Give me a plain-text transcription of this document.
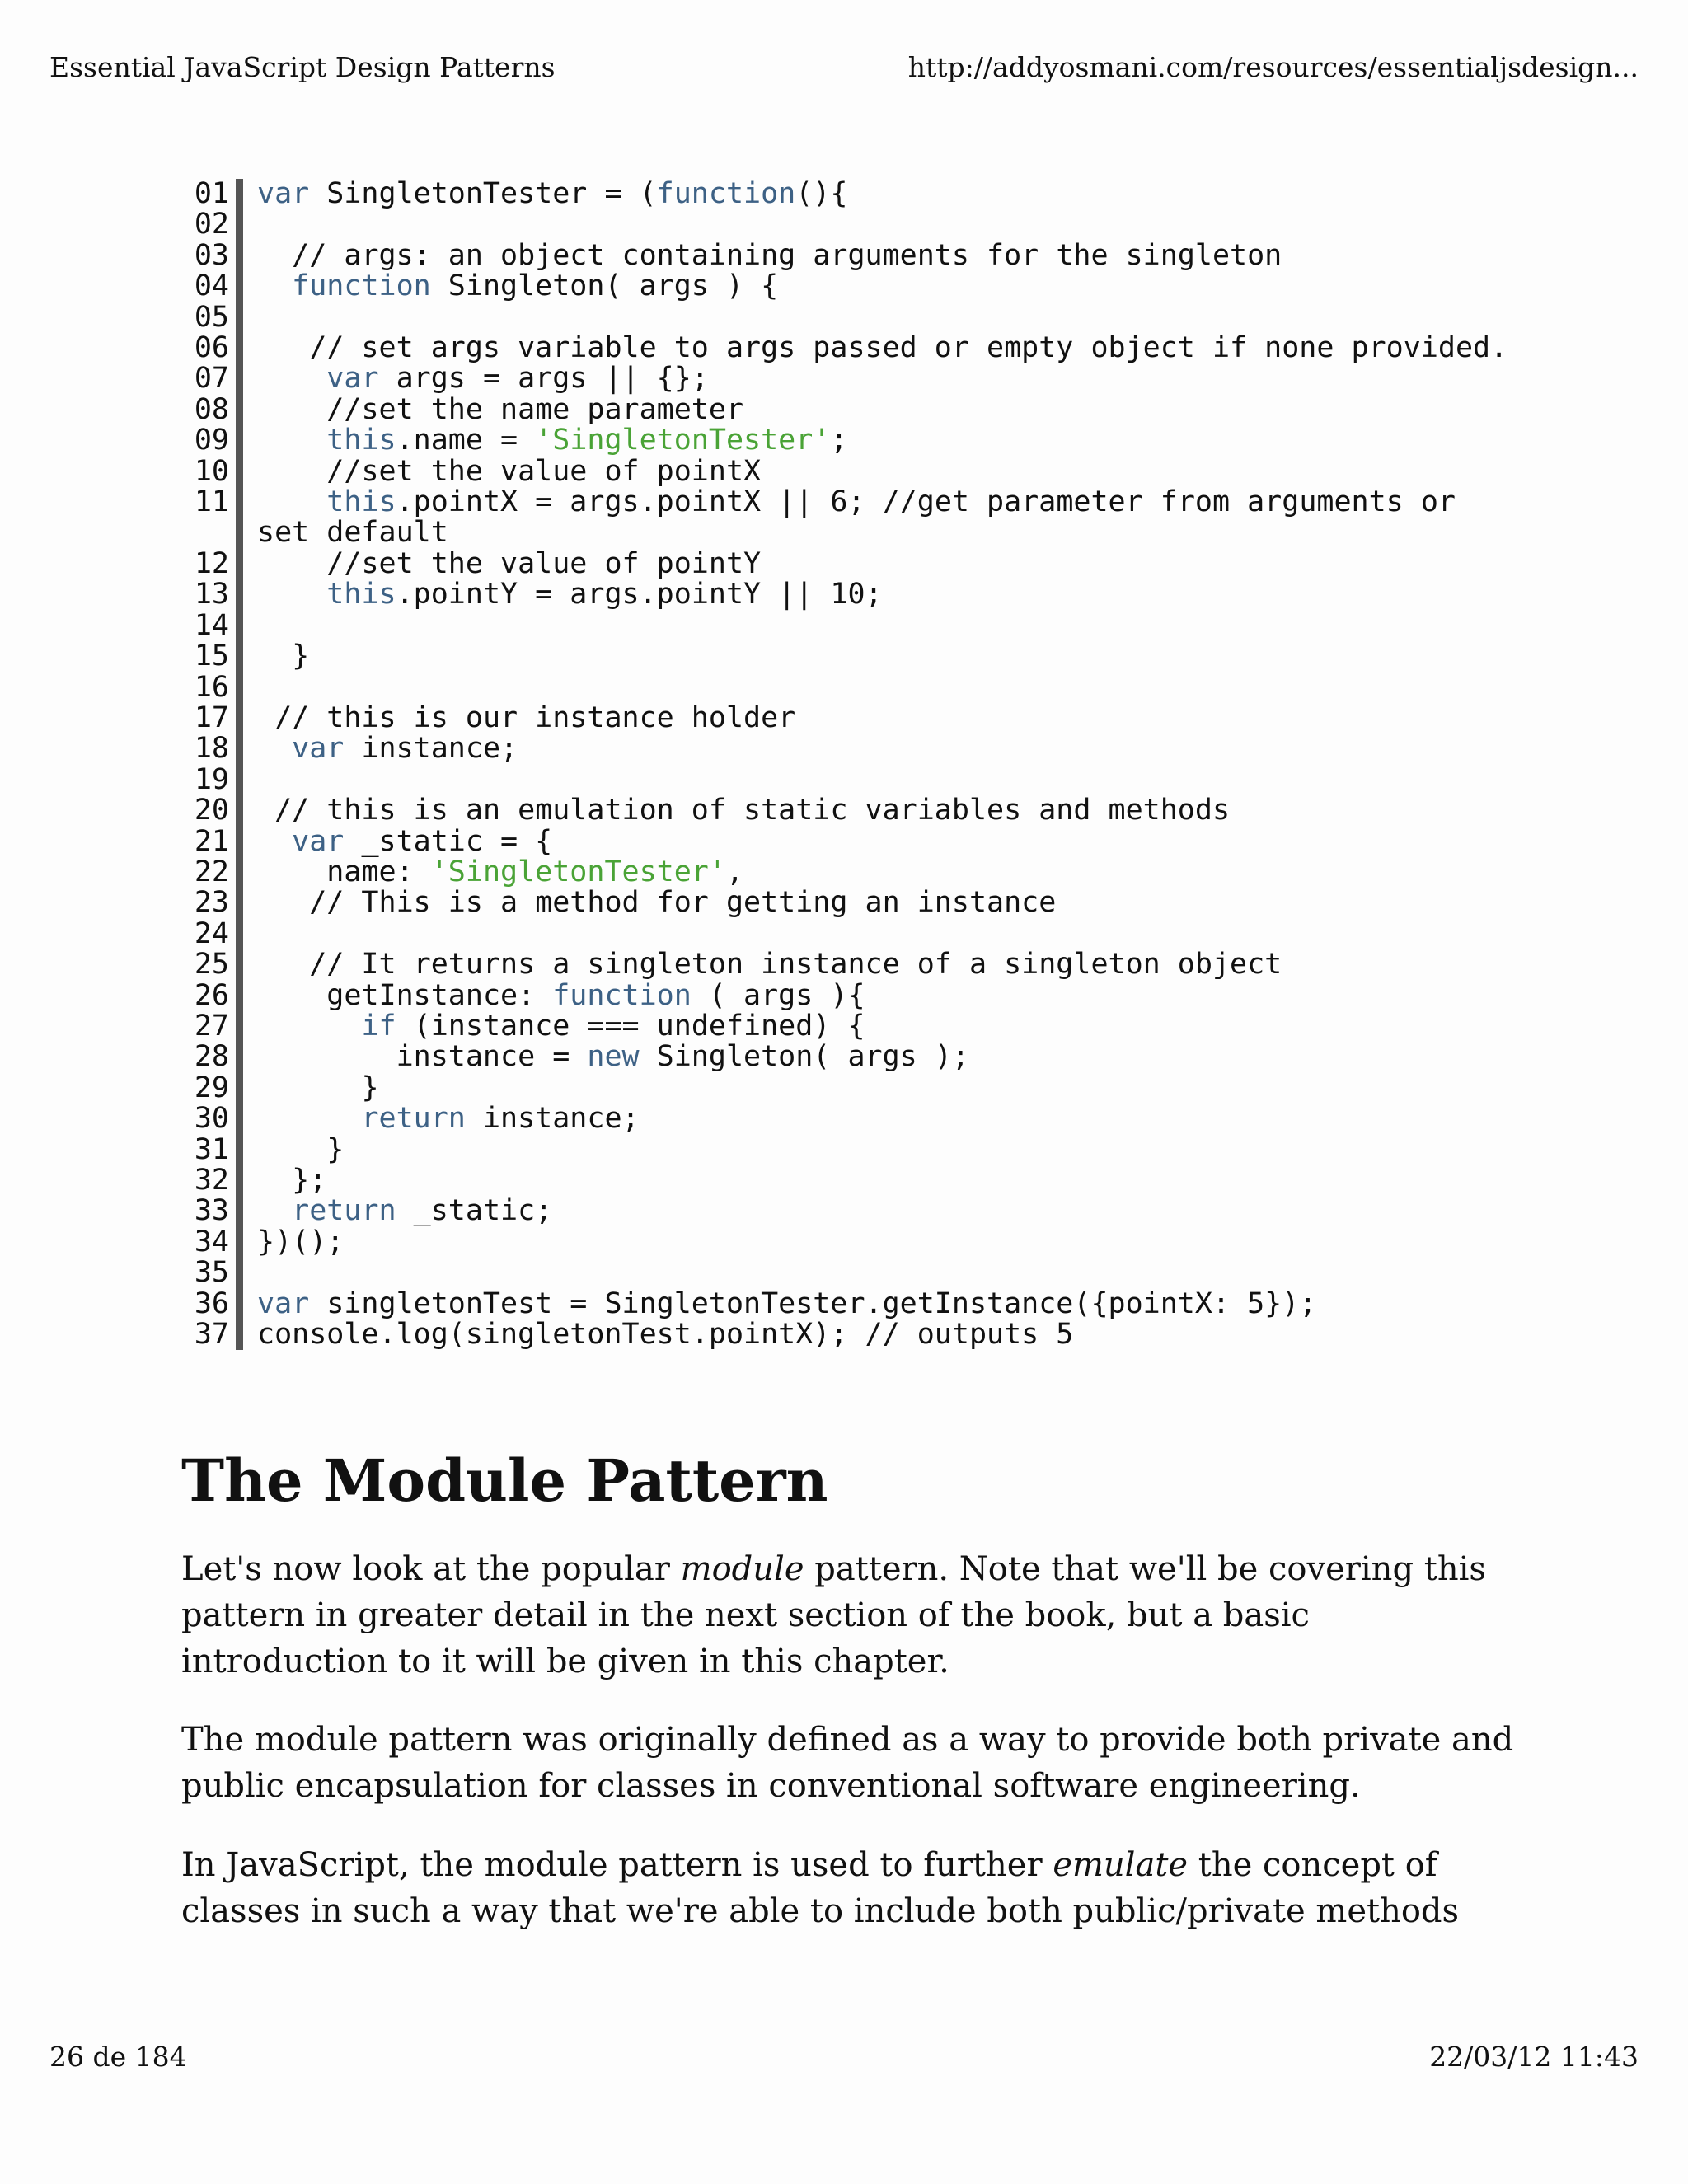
Essential JavaScript Design Patterns	http://addyosmani.com/resources/essentialjsdesign...
01 var SingletonTester = (function(){
02
03 // args: an object containing arguments for the singleton
04	function Singleton( args ) {
05
06 // set args variable to args passed or empty object if none provided.
07	var args = args || {};
08 //set the name parameter
09	this.name = 'SingletonTester';
10 //set the value of pointX
11	this.pointX = args.pointX || 6; //get parameter from arguments or set default
12 //set the value of pointY
13	this.pointY = args.pointY || 10;
14
15 }
16
17 // this is our instance holder
18	var instance;
19
20 // this is an emulation of static variables and methods
21	var _static = {
22 name: 'SingletonTester',
23 // This is a method for getting an instance
24
25 // It returns a singleton instance of a singleton object
26 getInstance: function ( args ){
27	if (instance === undefined) {
28 instance = new Singleton( args );
29 }
30	return instance;
31 }
32 };
33	return _static;
34 })();
35
36 var singletonTest = SingletonTester.getInstance({pointX: 5});
37 console.log(singletonTest.pointX); // outputs 5
The Module Pattern

Let's now look at the popular module pattern. Note that we'll be covering this pattern in greater detail in the next section of the book, but a basic introduction to it will be given in this chapter.

The module pattern was originally defined as a way to provide both private and public encapsulation for classes in conventional software engineering.

In JavaScript, the module pattern is used to further emulate the concept of classes in such a way that we're able to include both public/private methods

26 de 184	22/03/12 11:43
